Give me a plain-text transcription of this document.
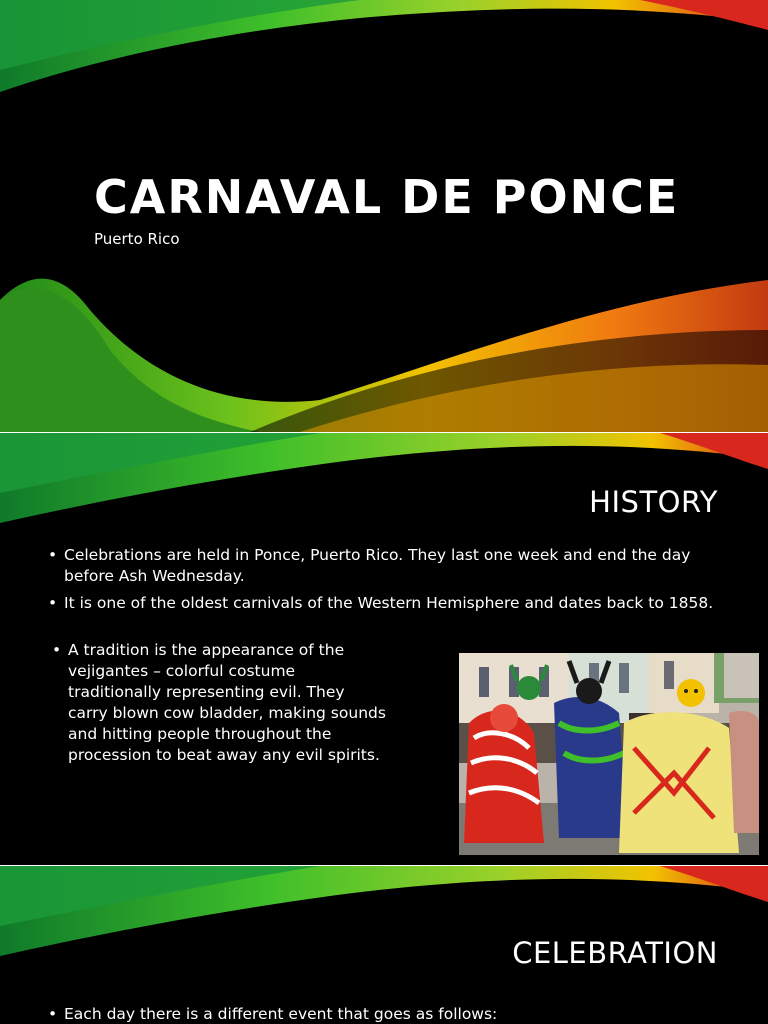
CARNAVAL DE PONCE
Puerto Rico
HISTORY
• Celebrations are held in Ponce, Puerto Rico. They last one week and end the day before Ash Wednesday.
• It is one of the oldest carnivals of the Western Hemisphere and dates back to 1858.
• A tradition is the appearance of the vejigantes – colorful costume traditionally representing evil. They carry blown cow bladder, making sounds and hitting people throughout the procession to beat away any evil spirits.
CELEBRATION
• Each day there is a different event that goes as follows:
